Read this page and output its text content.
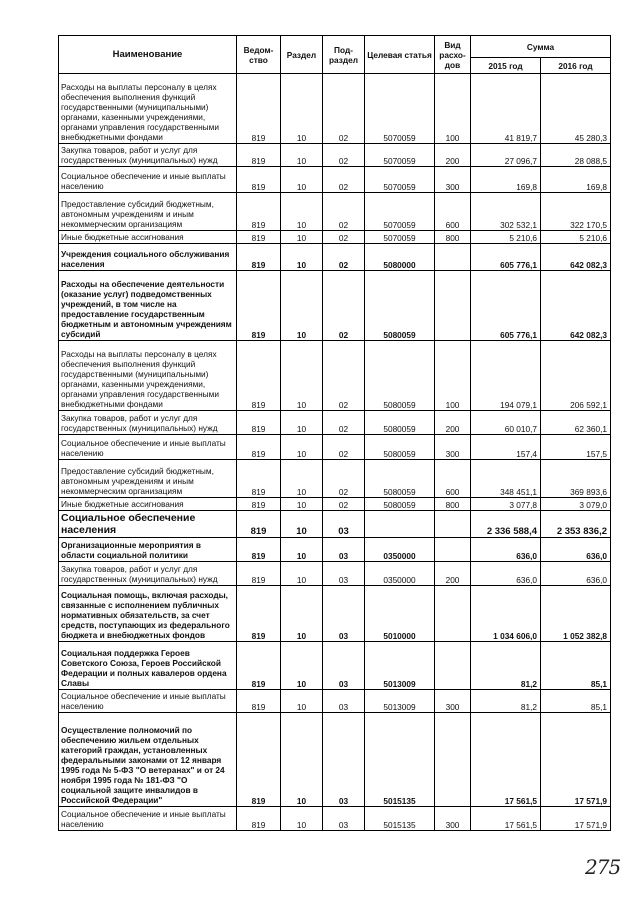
Наименование	Ведом-ство	Раздел	Под-раздел	Целевая статья	Вид расхо-дов	Сумма	
						2015 год	2016 год
Расходы на выплаты персоналу в целях обеспечения выполнения функций государственными (муниципальными) органами, казенными учреждениями, органами управления государственными внебюджетными фондами	819	10	02	5070059	100	41 819,7	45 280,3
Закупка товаров, работ и услуг для государственных (муниципальных) нужд	819	10	02	5070059	200	27 096,7	28 088,5
Социальное обеспечение и иные выплаты населению	819	10	02	5070059	300	169,8	169,8
Предоставление субсидий бюджетным, автономным учреждениям и иным некоммерческим организациям	819	10	02	5070059	600	302 532,1	322 170,5
Иные бюджетные ассигнования	819	10	02	5070059	800	5 210,6	5 210,6
Учреждения социального обслуживания населения	819	10	02	5080000		605 776,1	642 082,3
Расходы на обеспечение деятельности (оказание услуг) подведомственных учреждений, в том числе на предоставление государственным бюджетным и автономным учреждениям субсидий	819	10	02	5080059		605 776,1	642 082,3
Расходы на выплаты персоналу в целях обеспечения выполнения функций государственными (муниципальными) органами, казенными учреждениями, органами управления государственными внебюджетными фондами	819	10	02	5080059	100	194 079,1	206 592,1
Закупка товаров, работ и услуг для государственных (муниципальных) нужд	819	10	02	5080059	200	60 010,7	62 360,1
Социальное обеспечение и иные выплаты населению	819	10	02	5080059	300	157,4	157,5
Предоставление субсидий бюджетным, автономным учреждениям и иным некоммерческим организациям	819	10	02	5080059	600	348 451,1	369 893,6
Иные бюджетные ассигнования	819	10	02	5080059	800	3 077,8	3 079,0
Социальное обеспечение населения	819	10	03			2 336 588,4	2 353 836,2
Организационные мероприятия в области социальной политики	819	10	03	0350000		636,0	636,0
Закупка товаров, работ и услуг для государственных (муниципальных) нужд	819	10	03	0350000	200	636,0	636,0
Социальная помощь, включая расходы, связанные с исполнением публичных нормативных обязательств, за счет средств, поступающих из федерального бюджета и внебюджетных фондов	819	10	03	5010000		1 034 606,0	1 052 382,8
Социальная поддержка Героев Советского Союза, Героев Российской Федерации и полных кавалеров ордена Славы	819	10	03	5013009		81,2	85,1
Социальное обеспечение и иные выплаты населению	819	10	03	5013009	300	81,2	85,1
Осуществление полномочий по обеспечению жильем отдельных категорий граждан, установленных федеральными законами от 12 января 1995 года № 5-ФЗ "О ветеранах" и от 24 ноября 1995 года № 181-ФЗ "О социальной защите инвалидов в Российской Федерации"	819	10	03	5015135		17 561,5	17 571,9
Социальное обеспечение и иные выплаты населению	819	10	03	5015135	300	17 561,5	17 571,9
275
